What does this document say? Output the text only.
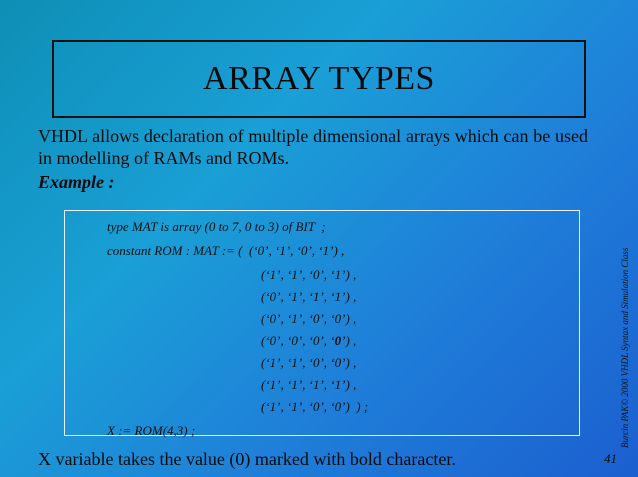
ARRAY TYPES
VHDL allows declaration of multiple dimensional arrays which can be used in modelling of RAMs and ROMs.
Example :
type MAT is array (0 to 7, 0 to 3) of BIT  ;
constant ROM : MAT := (  (‘0’, ‘1’, ‘0’, ‘1’) ,
(‘1’, ‘1’, ‘0’, ‘1’) ,
(‘0’, ‘1’, ‘1’, ‘1’) ,
(‘0’, ‘1’, ‘0’, ‘0’) ,
(‘0’, ‘0’, ‘0’, ‘0’) ,
(‘1’, ‘1’, ‘0’, ‘0’) ,
(‘1’, ‘1’, ‘1’, ‘1’) ,
(‘1’, ‘1’, ‘0’, ‘0’)  ) ;
X := ROM(4,3) ;
X variable takes the value (0) marked with bold character.
Burcin PAK© 2000 VHDL Syntax and Simulation Class
41
